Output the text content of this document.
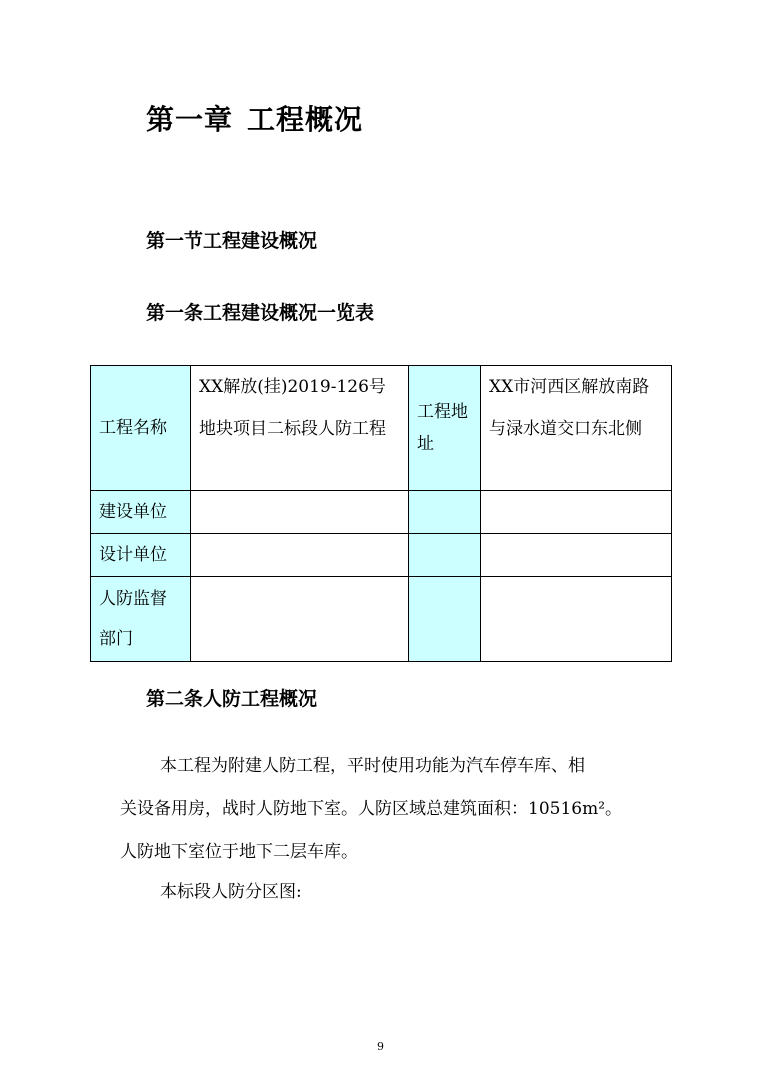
第一章 工程概况
第一节工程建设概况
第一条工程建设概况一览表
工程名称	XX解放(挂)2019-126号地块项目二标段人防工程	工程地址	XX市河西区解放南路与渌水道交口东北侧
建设单位			
设计单位			
人防监督部门			
第二条人防工程概况
本工程为附建人防工程，平时使用功能为汽车停车库、相
关设备用房，战时人防地下室。人防区域总建筑面积：10516m²。
人防地下室位于地下二层车库。
本标段人防分区图:
9
